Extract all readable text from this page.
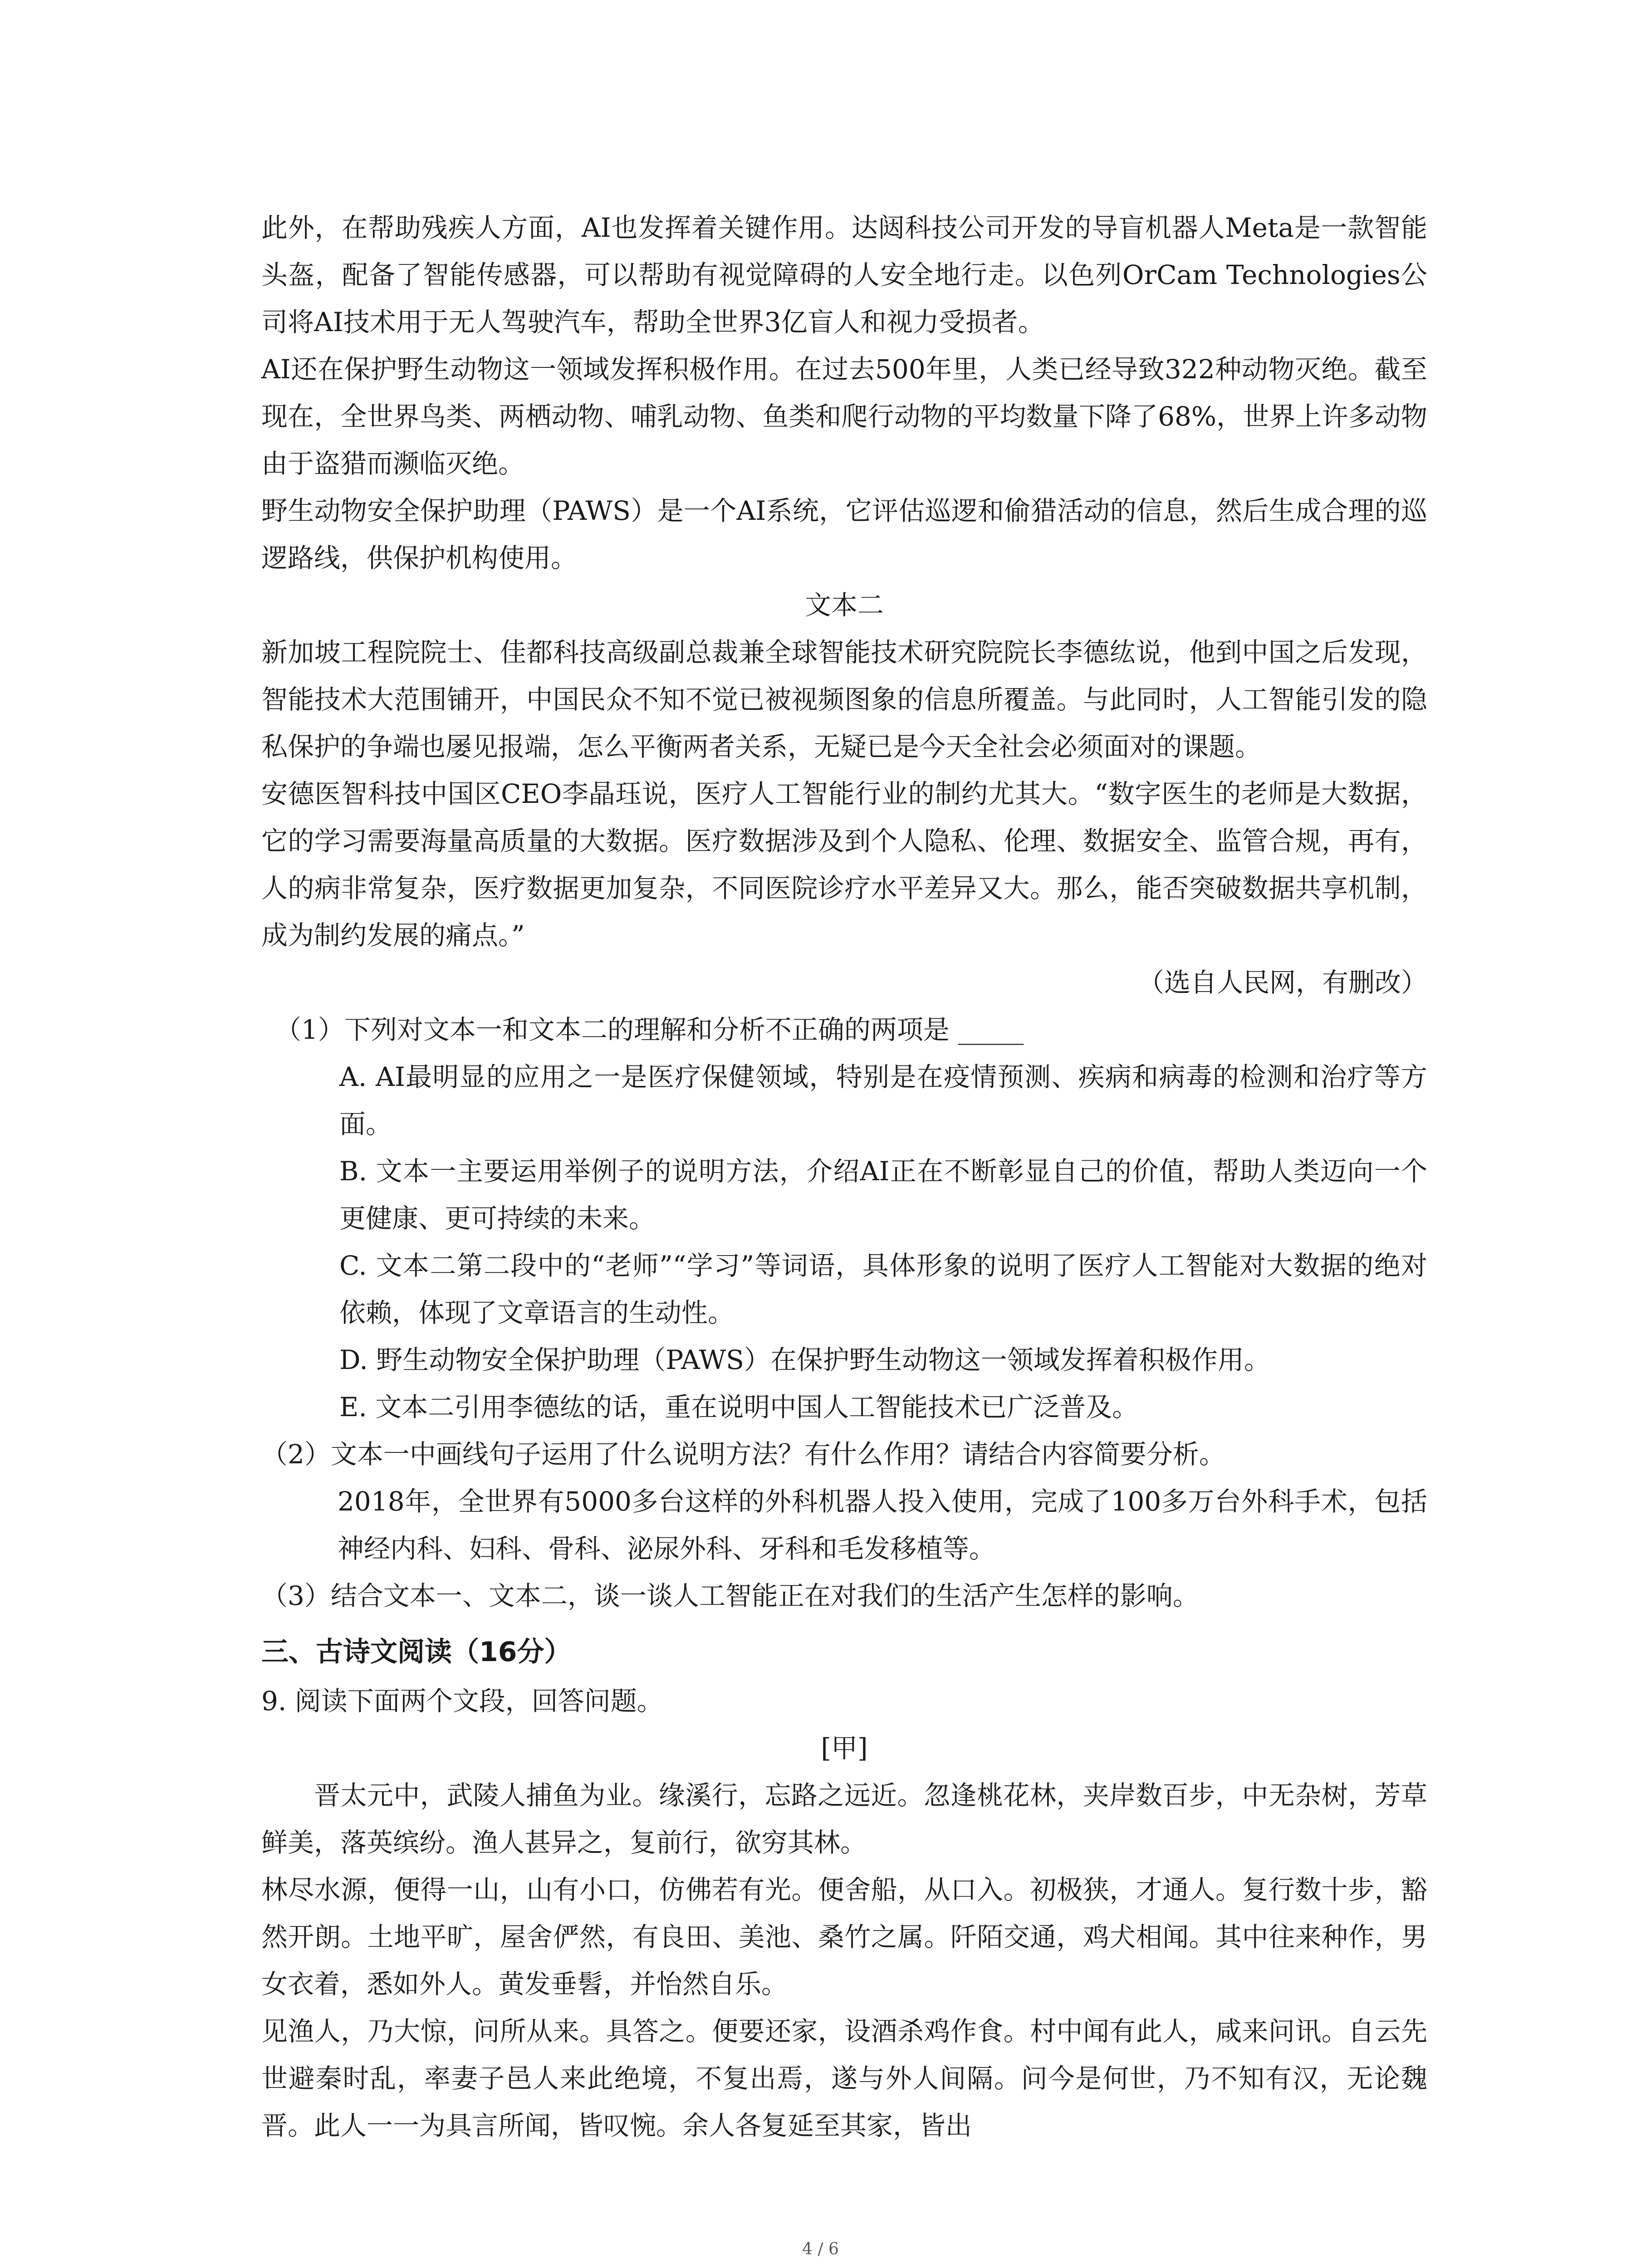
此外，在帮助残疾人方面，AI也发挥着关键作用。达闼科技公司开发的导盲机器人Meta是一款智能头盔，配备了智能传感器，可以帮助有视觉障碍的人安全地行走。以色列OrCam Technologies公司将AI技术用于无人驾驶汽车，帮助全世界3亿盲人和视力受损者。

AI还在保护野生动物这一领域发挥积极作用。在过去500年里，人类已经导致322种动物灭绝。截至现在，全世界鸟类、两栖动物、哺乳动物、鱼类和爬行动物的平均数量下降了68%，世界上许多动物由于盗猎而濒临灭绝。

野生动物安全保护助理（PAWS）是一个AI系统，它评估巡逻和偷猎活动的信息，然后生成合理的巡逻路线，供保护机构使用。

文本二

新加坡工程院院士、佳都科技高级副总裁兼全球智能技术研究院院长李德纮说，他到中国之后发现，智能技术大范围铺开，中国民众不知不觉已被视频图象的信息所覆盖。与此同时，人工智能引发的隐私保护的争端也屡见报端，怎么平衡两者关系，无疑已是今天全社会必须面对的课题。

安德医智科技中国区CEO李晶珏说，医疗人工智能行业的制约尤其大。“数字医生的老师是大数据，它的学习需要海量高质量的大数据。医疗数据涉及到个人隐私、伦理、数据安全、监管合规，再有，人的病非常复杂，医疗数据更加复杂，不同医院诊疗水平差异又大。那么，能否突破数据共享机制，成为制约发展的痛点。”

（选自人民网，有删改）

（1）下列对文本一和文本二的理解和分析不正确的两项是 _____

A. AI最明显的应用之一是医疗保健领域，特别是在疫情预测、疾病和病毒的检测和治疗等方面。

B. 文本一主要运用举例子的说明方法，介绍AI正在不断彰显自己的价值，帮助人类迈向一个更健康、更可持续的未来。

C. 文本二第二段中的“老师”“学习”等词语，具体形象的说明了医疗人工智能对大数据的绝对依赖，体现了文章语言的生动性。

D. 野生动物安全保护助理（PAWS）在保护野生动物这一领域发挥着积极作用。

E. 文本二引用李德纮的话，重在说明中国人工智能技术已广泛普及。

（2）文本一中画线句子运用了什么说明方法？有什么作用？请结合内容简要分析。

2018年，全世界有5000多台这样的外科机器人投入使用，完成了100多万台外科手术，包括神经内科、妇科、骨科、泌尿外科、牙科和毛发移植等。

（3）结合文本一、文本二，谈一谈人工智能正在对我们的生活产生怎样的影响。

三、古诗文阅读（16分）

9. 阅读下面两个文段，回答问题。

[甲]

晋太元中，武陵人捕鱼为业。缘溪行，忘路之远近。忽逢桃花林，夹岸数百步，中无杂树，芳草鲜美，落英缤纷。渔人甚异之，复前行，欲穷其林。

林尽水源，便得一山，山有小口，仿佛若有光。便舍船，从口入。初极狭，才通人。复行数十步，豁然开朗。土地平旷，屋舍俨然，有良田、美池、桑竹之属。阡陌交通，鸡犬相闻。其中往来种作，男女衣着，悉如外人。黄发垂髫，并怡然自乐。

见渔人，乃大惊，问所从来。具答之。便要还家，设酒杀鸡作食。村中闻有此人，咸来问讯。自云先世避秦时乱，率妻子邑人来此绝境，不复出焉，遂与外人间隔。问今是何世，乃不知有汉，无论魏晋。此人一一为具言所闻，皆叹惋。余人各复延至其家，皆出

4 / 6
